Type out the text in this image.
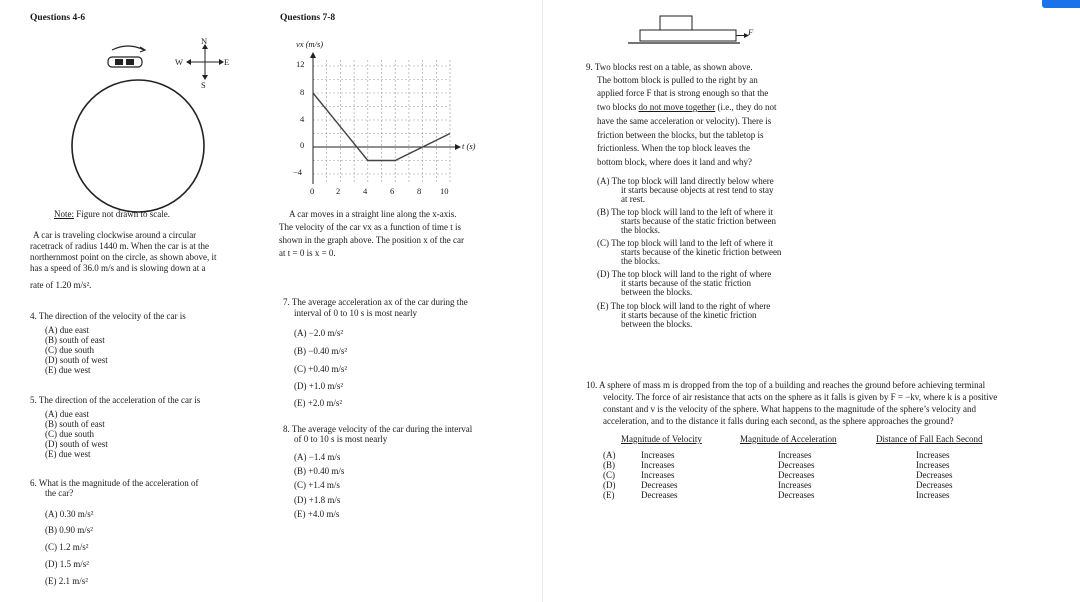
Questions 4-6
N
S
E
W
Note: Figure not drawn to scale.
A car is traveling clockwise around a circular
racetrack of radius 1440 m. When the car is at the
northernmost point on the circle, as shown above, it
has a speed of 36.0 m/s and is slowing down at a
rate of 1.20 m/s².
4. The direction of the velocity of the car is
(A) due east
(B) south of east
(C) due south
(D) south of west
(E) due west
5. The direction of the acceleration of the car is
(A) due east
(B) south of east
(C) due south
(D) south of west
(E) due west
6. What is the magnitude of the acceleration of
the car?
(A) 0.30 m/s²
(B) 0.90 m/s²
(C) 1.2 m/s²
(D) 1.5 m/s²
(E) 2.1 m/s²
Questions 7-8
vx (m/s)
t (s)
12
8
4
0
−4
0	2	4	6	8 10
A car moves in a straight line along the x-axis.
The velocity of the car vx as a function of time t is
shown in the graph above. The position x of the car
at t = 0 is x = 0.
7. The average acceleration ax of the car during the
interval of 0 to 10 s is most nearly
(A) −2.0 m/s²
(B) −0.40 m/s²
(C) +0.40 m/s²
(D) +1.0 m/s²
(E) +2.0 m/s²
8. The average velocity of the car during the interval
of 0 to 10 s is most nearly
(A) −1.4 m/s
(B) +0.40 m/s
(C) +1.4 m/s
(D) +1.8 m/s
(E) +4.0 m/s
F
9. Two blocks rest on a table, as shown above.
The bottom block is pulled to the right by an
applied force F that is strong enough so that the
two blocks do not move together (i.e., they do not
have the same acceleration or velocity). There is
friction between the blocks, but the tabletop is
frictionless. When the top block leaves the
bottom block, where does it land and why?
(A) The top block will land directly below where
it starts because objects at rest tend to stay
at rest.
(B) The top block will land to the left of where it
starts because of the static friction between
the blocks.
(C) The top block will land to the left of where it
starts because of the kinetic friction between
the blocks.
(D) The top block will land to the right of where
it starts because of the static friction
between the blocks.
(E) The top block will land to the right of where
it starts because of the kinetic friction
between the blocks.
10. A sphere of mass m is dropped from the top of a building and reaches the ground before achieving terminal
velocity. The force of air resistance that acts on the sphere as it falls is given by F = −kv, where k is a positive
constant and v is the velocity of the sphere. What happens to the magnitude of the sphere’s velocity and
acceleration, and to the distance it falls during each second, as the sphere approaches the ground?
Magnitude of Velocity	Magnitude of Acceleration	Distance of Fall Each Second
(A)	Increases	Increases	Increases
(B)	Increases	Decreases	Increases
(C)	Increases	Decreases	Decreases
(D)	Decreases	Increases	Decreases
(E)	Decreases	Decreases	Increases
